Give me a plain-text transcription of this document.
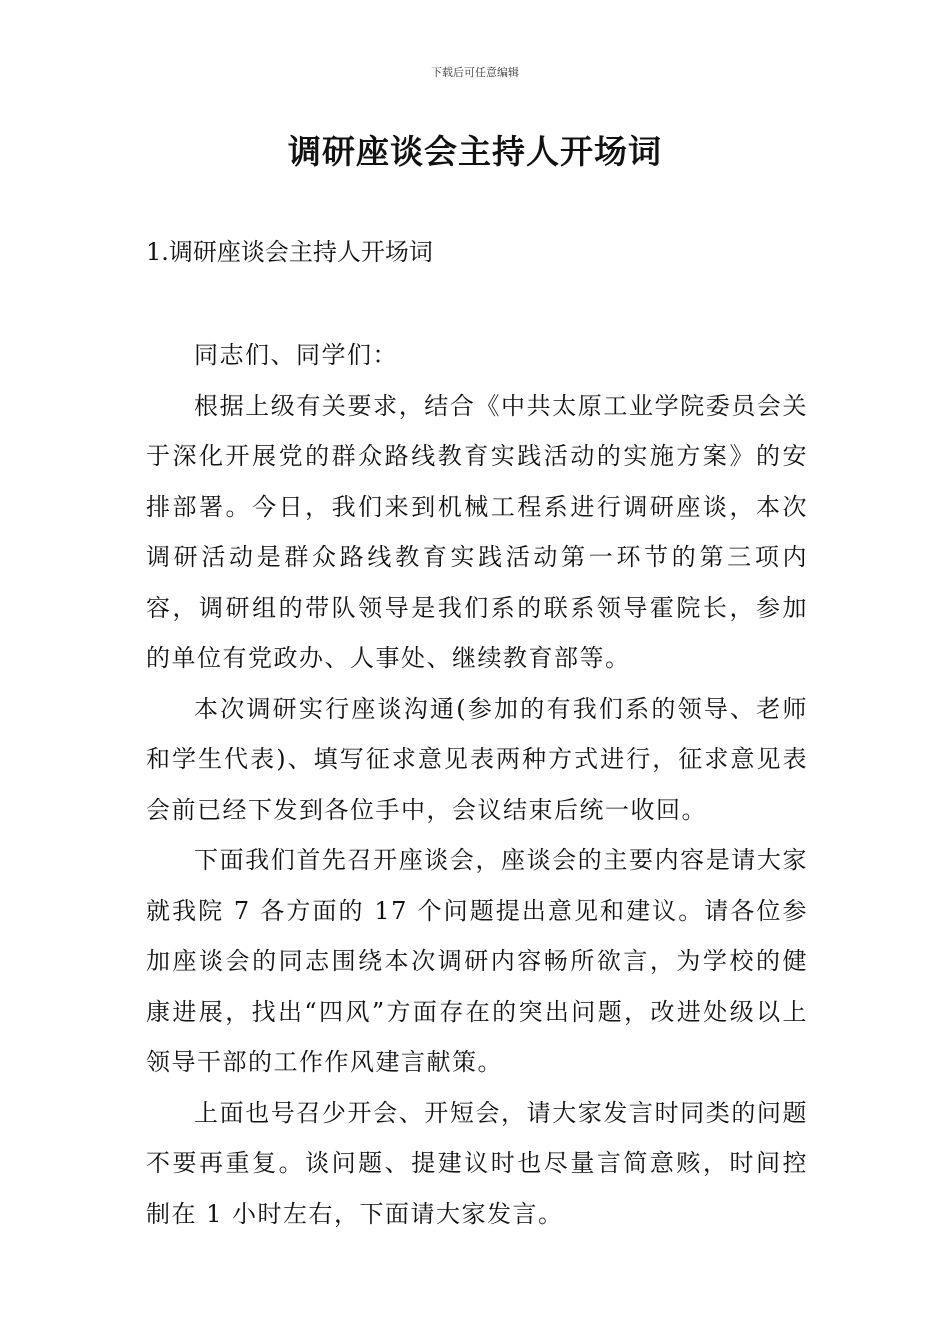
下载后可任意编辑
调研座谈会主持人开场词
1.调研座谈会主持人开场词

同志们、同学们：

根据上级有关要求，结合《中共太原工业学院委员会关于深化开展党的群众路线教育实践活动的实施方案》的安排部署。今日，我们来到机械工程系进行调研座谈，本次调研活动是群众路线教育实践活动第一环节的第三项内容，调研组的带队领导是我们系的联系领导霍院长，参加的单位有党政办、人事处、继续教育部等。

本次调研实行座谈沟通(参加的有我们系的领导、老师和学生代表)、填写征求意见表两种方式进行，征求意见表会前已经下发到各位手中，会议结束后统一收回。

下面我们首先召开座谈会，座谈会的主要内容是请大家就我院 7 各方面的 17 个问题提出意见和建议。请各位参加座谈会的同志围绕本次调研内容畅所欲言，为学校的健康进展，找出“四风”方面存在的突出问题，改进处级以上领导干部的工作作风建言献策。

上面也号召少开会、开短会，请大家发言时同类的问题不要再重复。谈问题、提建议时也尽量言简意赅，时间控制在 1 小时左右，下面请大家发言。
